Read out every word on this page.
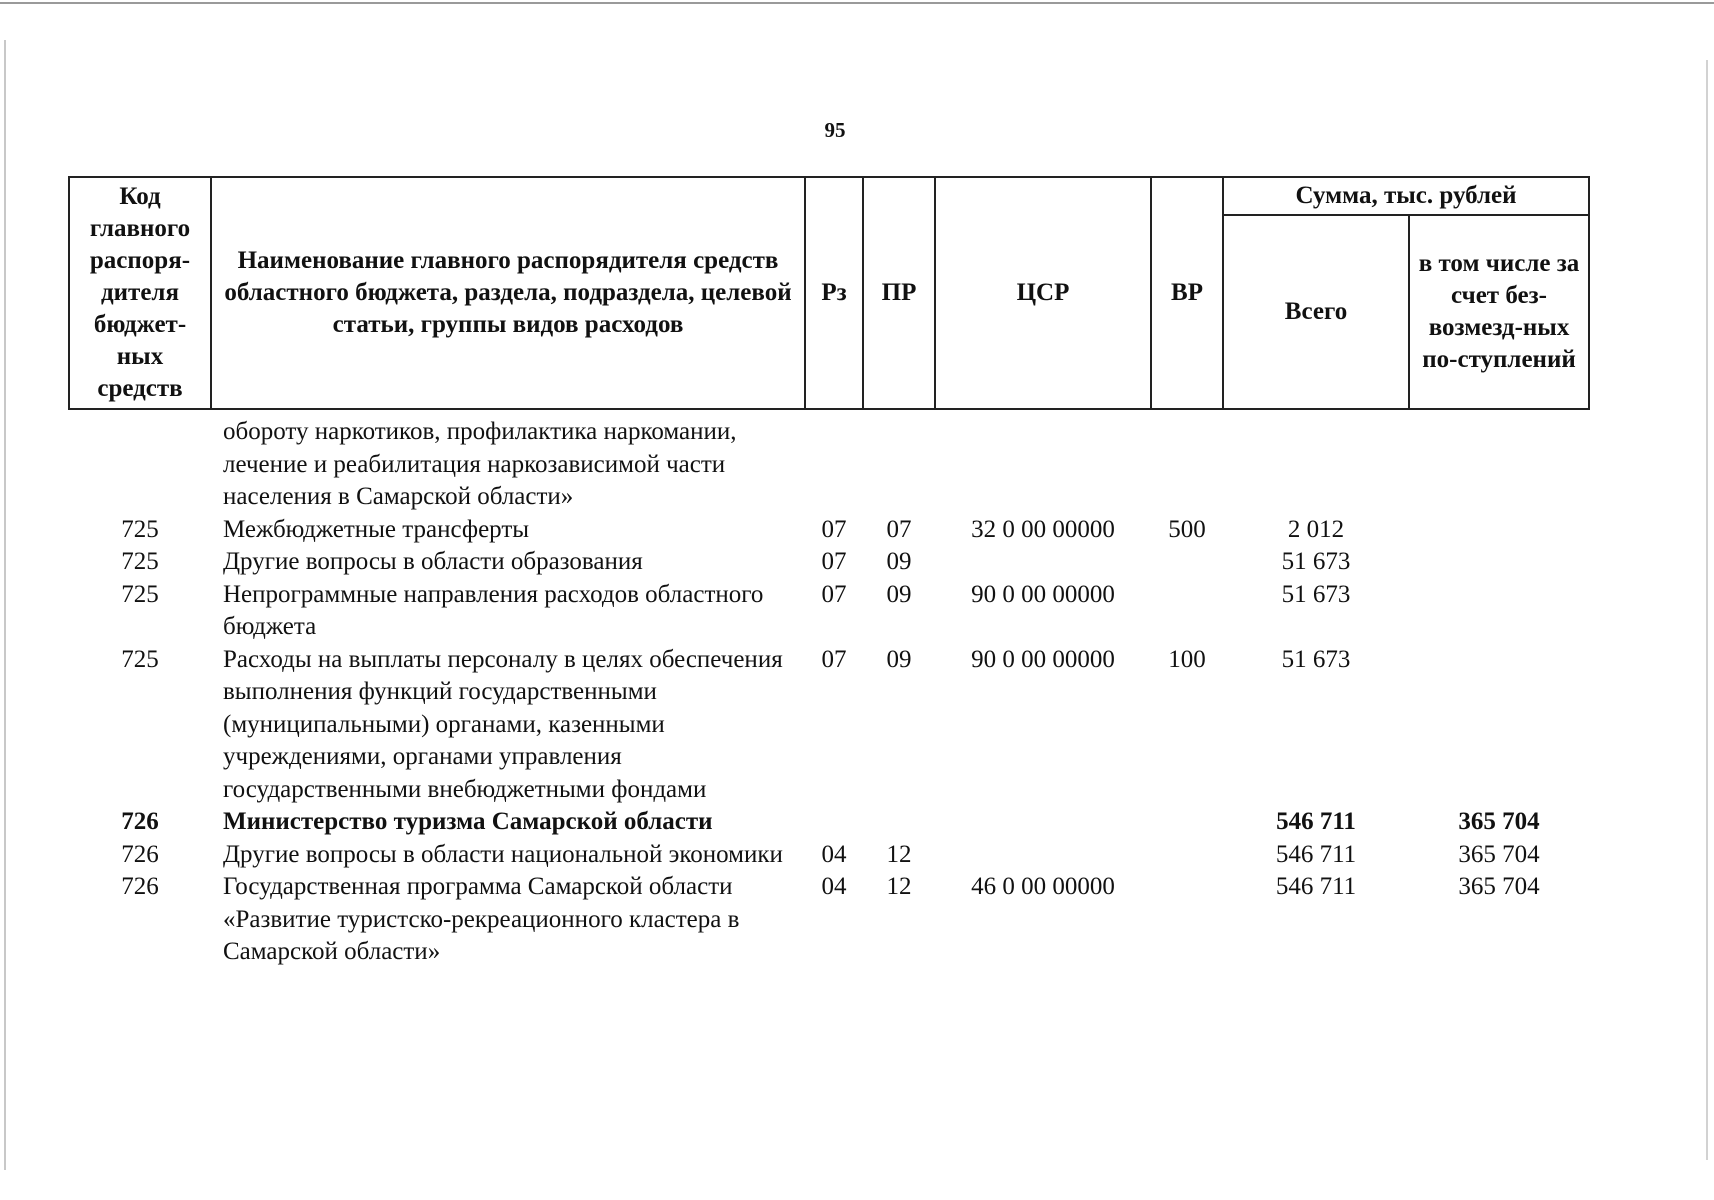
95
Код главного распоря-дителя бюджет-ных средств	Наименование главного распорядителя средств областного бюджета, раздела, подраздела, целевой статьи, группы видов расходов	Рз	ПР	ЦСР	ВР	Сумма, тыс. рублей	
						Всего	в том числе за счет без-возмезд-ных по-ступлений
	обороту наркотиков, профилактика наркомании, лечение и реабилитация наркозависимой части населения в Самарской области»						
725	Межбюджетные трансферты	07	07	32 0 00 00000	500	2 012	
725	Другие вопросы в области образования	07	09			51 673	
725	Непрограммные направления расходов областного бюджета	07	09	90 0 00 00000		51 673	
725	Расходы на выплаты персоналу в целях обеспечения выполнения функций государственными (муниципальными) органами, казенными учреждениями, органами управления государственными внебюджетными фондами	07	09	90 0 00 00000	100	51 673	
726	Министерство туризма Самарской области					546 711	365 704
726	Другие вопросы в области национальной экономики	04	12			546 711	365 704
726	Государственная программа Самарской области «Развитие туристско-рекреационного кластера в Самарской области»	04	12	46 0 00 00000		546 711	365 704
